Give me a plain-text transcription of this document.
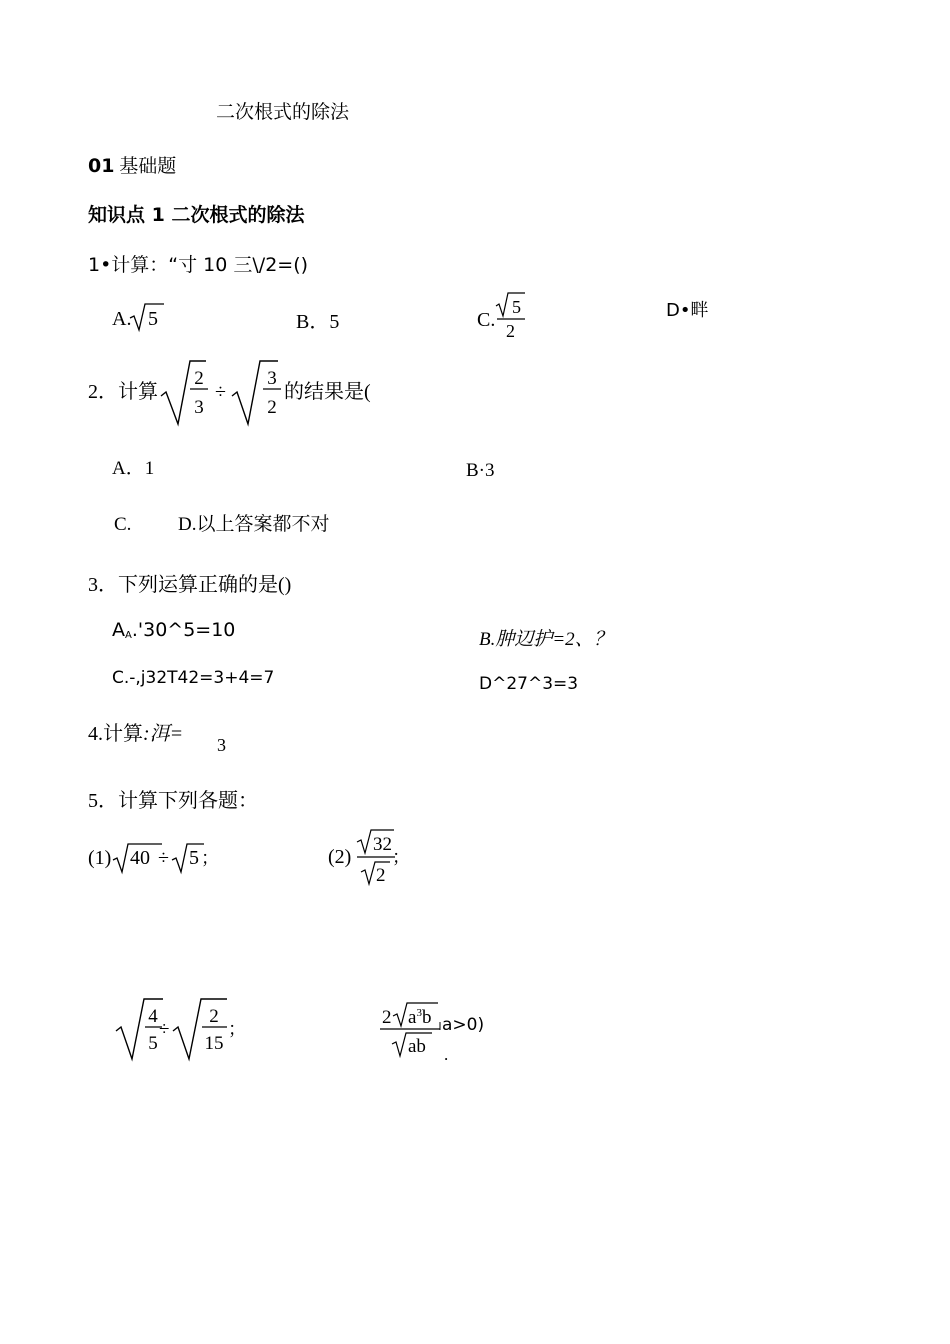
二次根式的除法
01 基础题
知识点 1 二次根式的除法
1•计算：“寸 10 三\/2=()
A. 5	B．5	C.
5
2
D•畔
2．计算
2
3
÷
3
2
的结果是(
A．1	B·3
C. D.以上答案都不对
3．下列运算正确的是()
$A_A.'30\^{}5=10$	B.肿辺护=2、？
C.-,j32T42=3+4=7	D^27^3=3
4.计算:洱= 3
5．计算下列各题：
(1) 40 ÷ 5 ；	(2)
32
2
；
4
5
÷
2
15
；
2 $a^3b$
ab
a>0)
.
